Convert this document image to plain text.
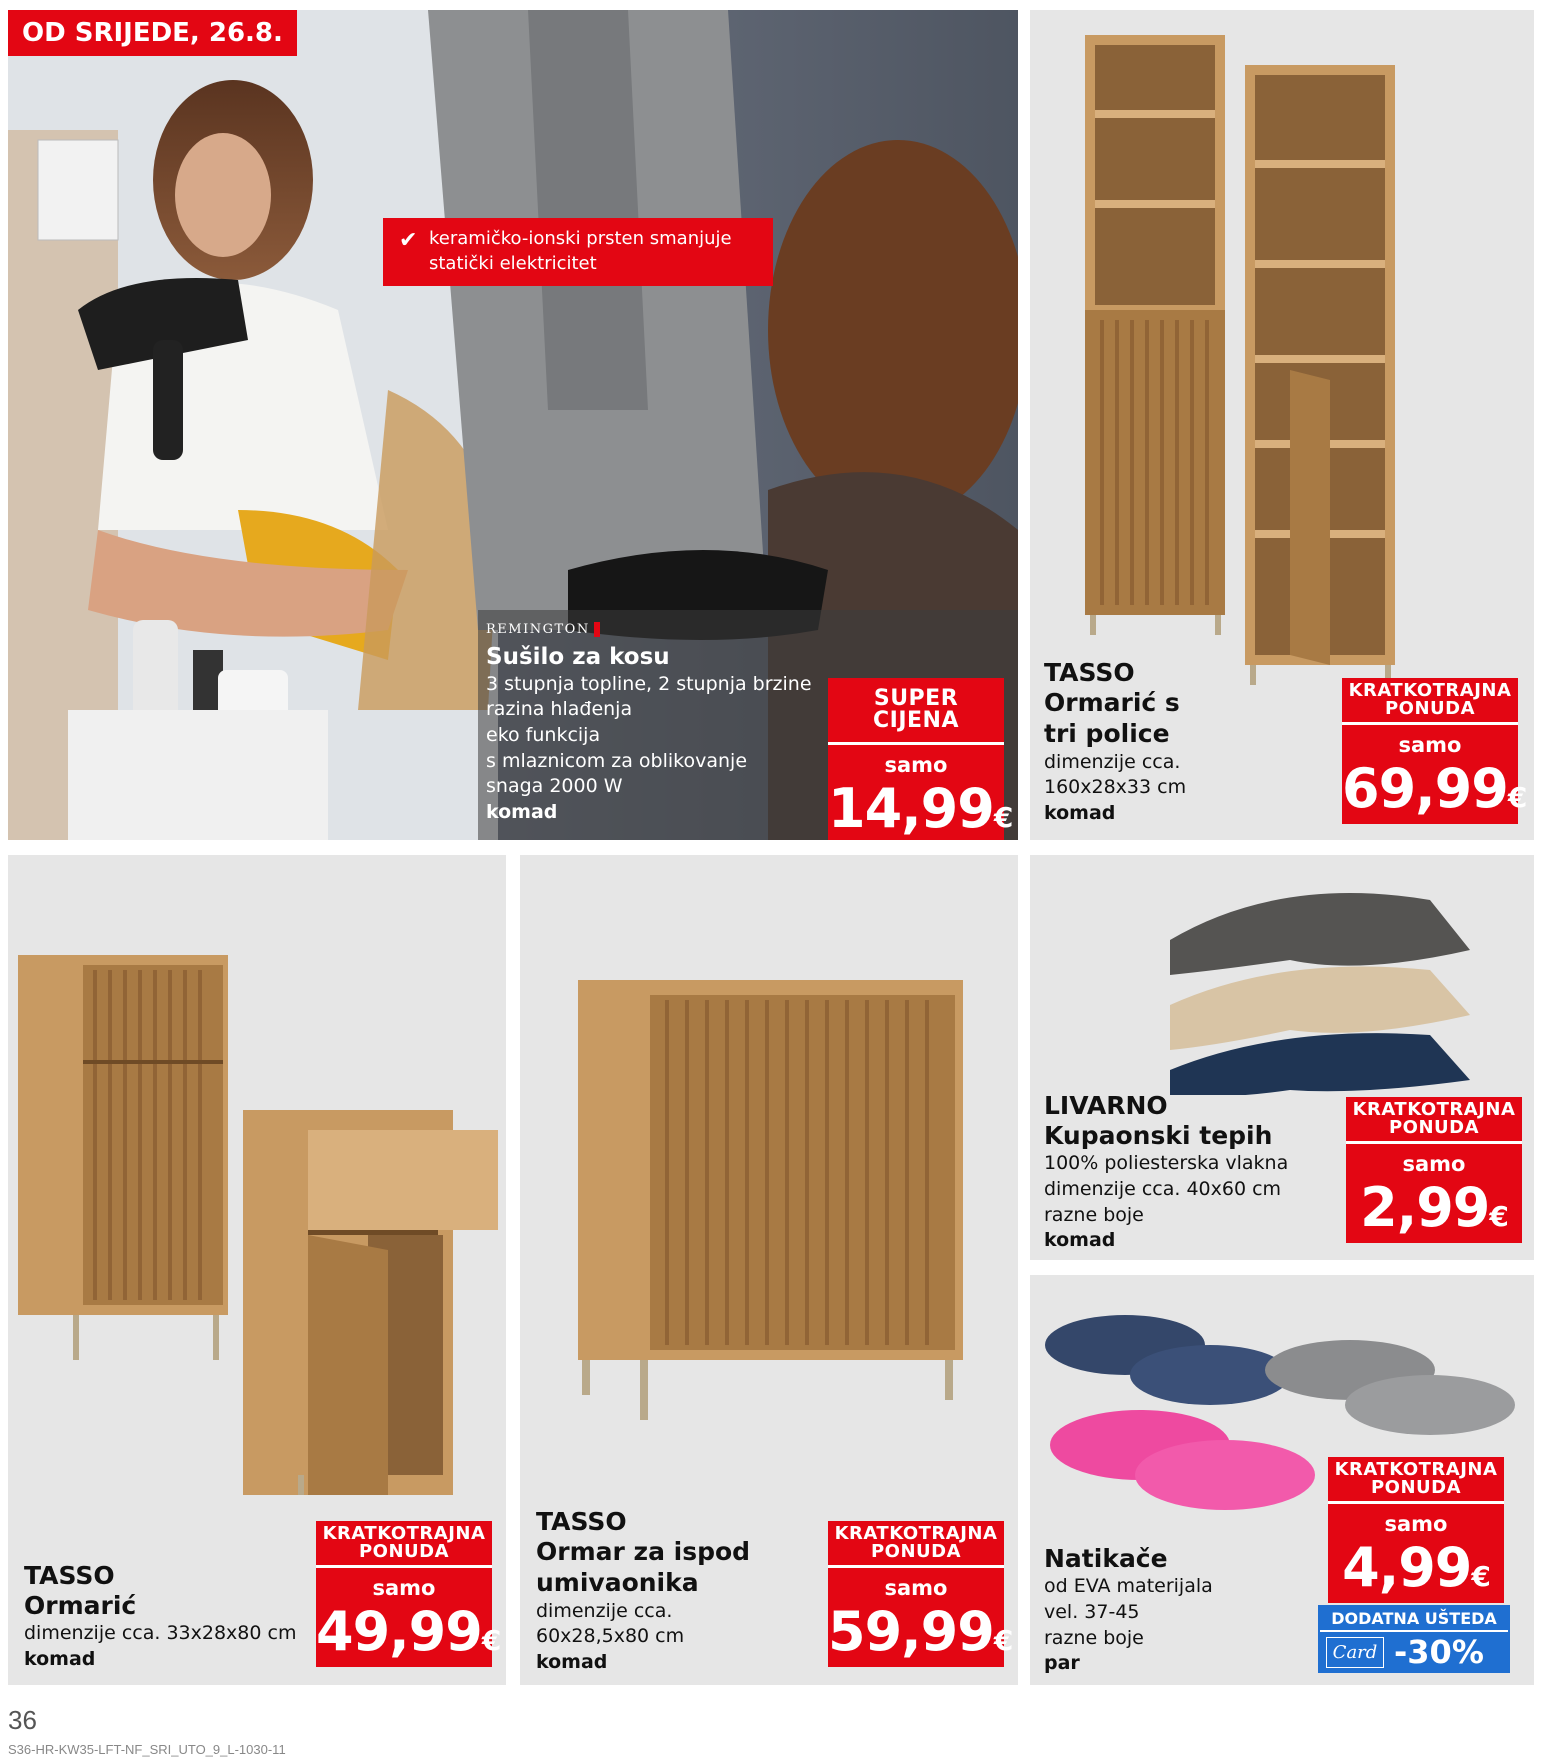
OD SRIJEDE, 26.8.
✔ keramičko-ionski prsten smanjuje statički elektricitet
REMINGTON
Sušilo za kosu
3 stupnja topline, 2 stupnja brzine
razina hlađenja
eko funkcija
s mlaznicom za oblikovanje
snaga 2000 W
komad
SUPER CIJENA
samo
14,99€
TASSO
Ormarić s
tri police
dimenzije cca.
160x28x33 cm
komad
KRATKOTRAJNA
PONUDA
samo
69,99€
TASSO
Ormarić
dimenzije cca. 33x28x80 cm
komad
KRATKOTRAJNA
PONUDA
samo
49,99€
TASSO
Ormar za ispod
umivaonika
dimenzije cca.
60x28,5x80 cm
komad
KRATKOTRAJNA
PONUDA
samo
59,99€
LIVARNO
Kupaonski tepih
100% poliesterska vlakna
dimenzije cca. 40x60 cm
razne boje
komad
KRATKOTRAJNA
PONUDA
samo
2,99€
Natikače
od EVA materijala
vel. 37-45
razne boje
par
KRATKOTRAJNA
PONUDA
samo
4,99€
DODATNA UŠTEDA
Card -30%
36
S36-HR-KW35-LFT-NF_SRI_UTO_9_L-1030-11
